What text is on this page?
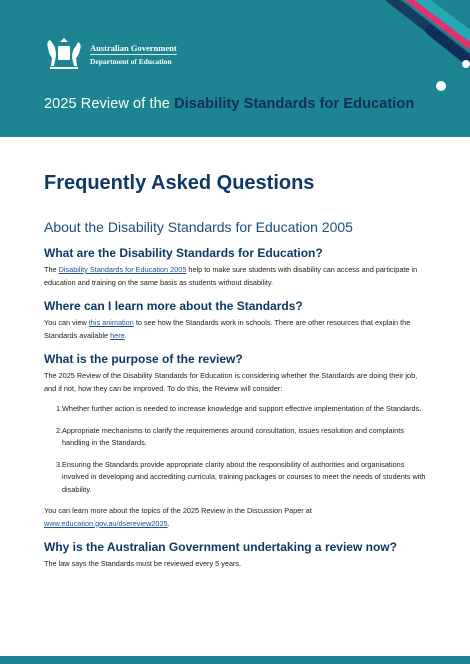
Australian Government
Department of Education
2025 Review of the Disability Standards for Education
Frequently Asked Questions
About the Disability Standards for Education 2005
What are the Disability Standards for Education?

The Disability Standards for Education 2005 help to make sure students with disability can access and participate in education and training on the same basis as students without disability.

Where can I learn more about the Standards?

You can view this animation to see how the Standards work in schools. There are other resources that explain the Standards available here.

What is the purpose of the review?

The 2025 Review of the Disability Standards for Education is considering whether the Standards are doing their job, and if not, how they can be improved. To do this, the Review will consider:

1. Whether further action is needed to increase knowledge and support effective implementation of the Standards.
2. Appropriate mechanisms to clarify the requirements around consultation, issues resolution and complaints handling in the Standards.
3. Ensuring the Standards provide appropriate clarity about the responsibility of authorities and organisations involved in developing and accrediting curricula, training packages or courses to meet the needs of students with disability.

You can learn more about the topics of the 2025 Review in the Discussion Paper at www.education.gov.au/dsereview2025.

Why is the Australian Government undertaking a review now?

The law says the Standards must be reviewed every 5 years.
